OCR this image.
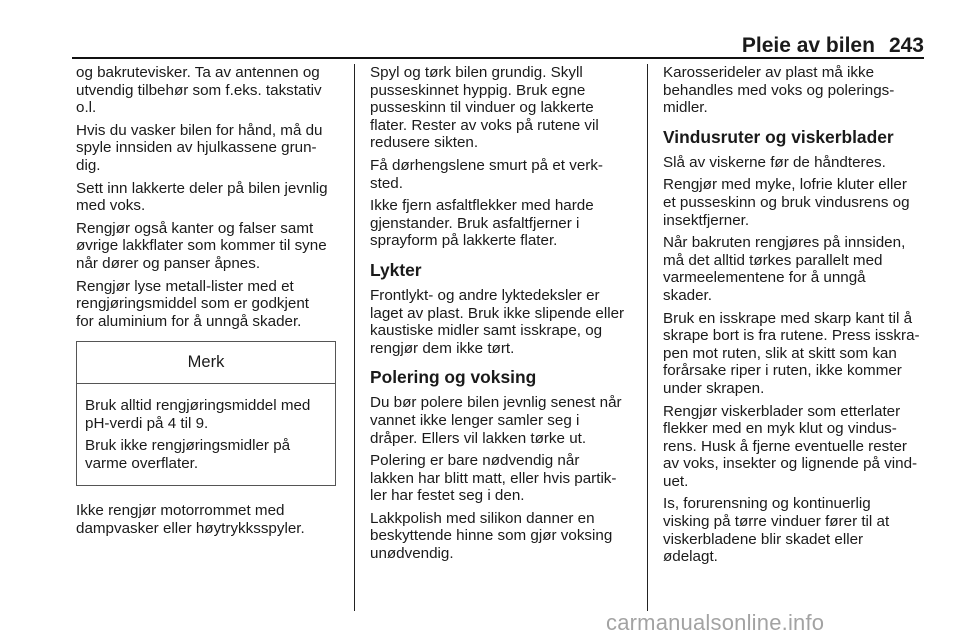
Pleie av bilen 243

og bakrutevisker. Ta av antennen og
utvendig tilbehør som f.eks. takstativ
o.l.

Hvis du vasker bilen for hånd, må du
spyle innsiden av hjulkassene grun-
dig.

Sett inn lakkerte deler på bilen jevnlig
med voks.

Rengjør også kanter og falser samt
øvrige lakkflater som kommer til syne
når dører og panser åpnes.

Rengjør lyse metall-lister med et
rengjøringsmiddel som er godkjent
for aluminium for å unngå skader.

Merk

Bruk alltid rengjøringsmiddel med
pH-verdi på 4 til 9.

Bruk ikke rengjøringsmidler på
varme overflater.

Ikke rengjør motorrommet med
dampvasker eller høytrykksspyler.

Spyl og tørk bilen grundig. Skyll
pusseskinnet hyppig. Bruk egne
pusseskinn til vinduer og lakkerte
flater. Rester av voks på rutene vil
redusere sikten.

Få dørhengslene smurt på et verk-
sted.

Ikke fjern asfaltflekker med harde
gjenstander. Bruk asfaltfjerner i
sprayform på lakkerte flater.

Lykter

Frontlykt- og andre lyktedeksler er
laget av plast. Bruk ikke slipende eller
kaustiske midler samt isskrape, og
rengjør dem ikke tørt.

Polering og voksing

Du bør polere bilen jevnlig senest når
vannet ikke lenger samler seg i
dråper. Ellers vil lakken tørke ut.

Polering er bare nødvendig når
lakken har blitt matt, eller hvis partik-
ler har festet seg i den.

Lakkpolish med silikon danner en
beskyttende hinne som gjør voksing
unødvendig.

Karosserideler av plast må ikke
behandles med voks og polerings-
midler.

Vindusruter og viskerblader

Slå av viskerne før de håndteres.

Rengjør med myke, lofrie kluter eller
et pusseskinn og bruk vindusrens og
insektfjerner.

Når bakruten rengjøres på innsiden,
må det alltid tørkes parallelt med
varmeelementene for å unngå
skader.

Bruk en isskrape med skarp kant til å
skrape bort is fra rutene. Press isskra-
pen mot ruten, slik at skitt som kan
forårsake riper i ruten, ikke kommer
under skrapen.

Rengjør viskerblader som etterlater
flekker med en myk klut og vindus-
rens. Husk å fjerne eventuelle rester
av voks, insekter og lignende på vind-
uet.

Is, forurensning og kontinuerlig
visking på tørre vinduer fører til at
viskerbladene blir skadet eller
ødelagt.

carmanualsonline.info
